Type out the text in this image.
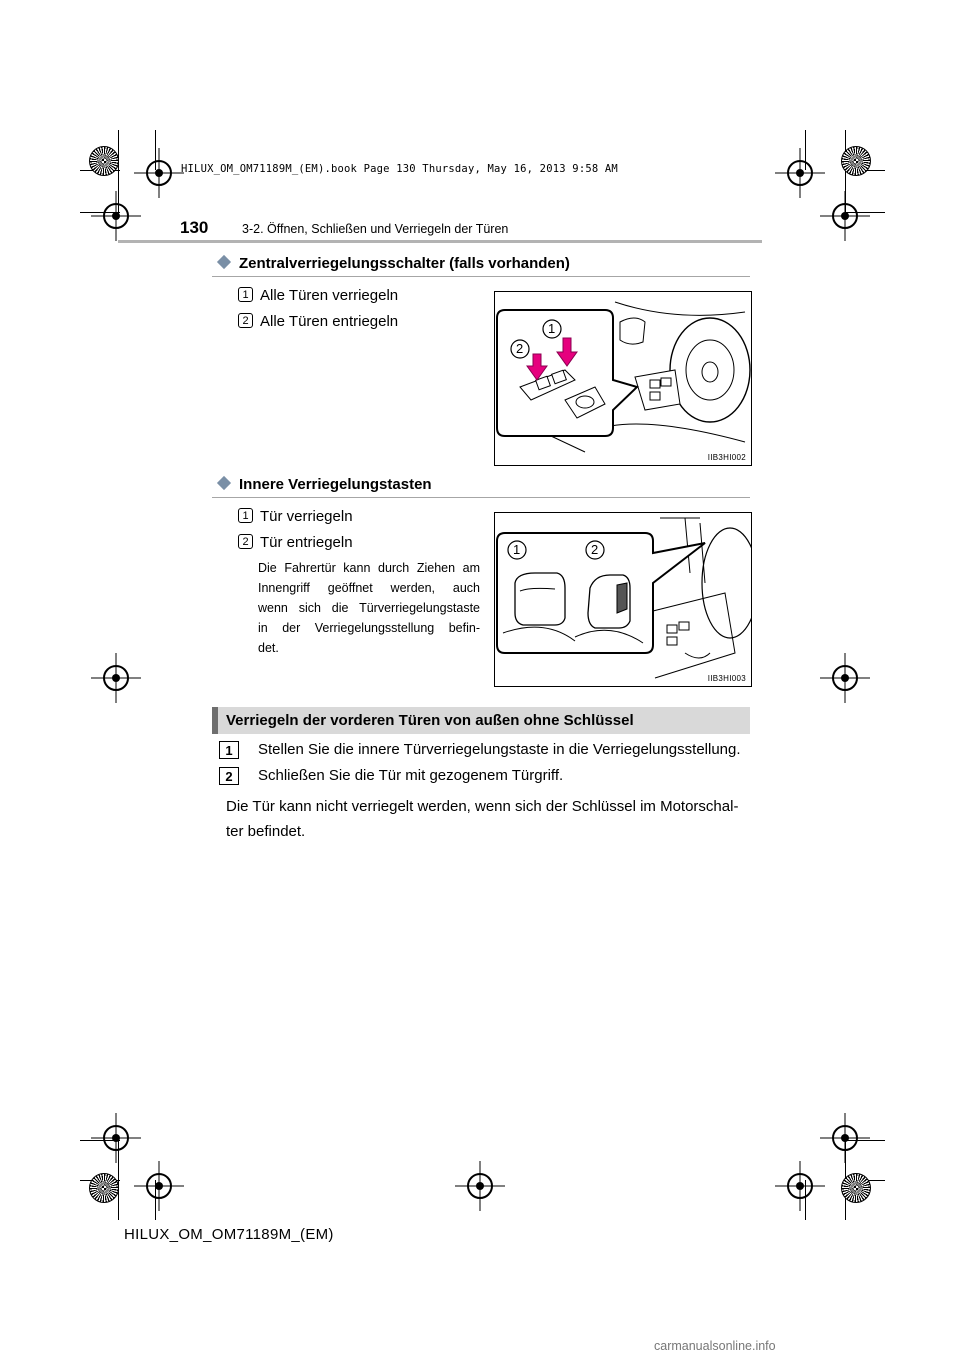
HILUX_OM_OM71189M_(EM).book Page 130 Thursday, May 16, 2013 9:58 AM
130	3-2. Öffnen, Schließen und Verriegeln der Türen
Zentralverriegelungsschalter (falls vorhanden)
1 Alle Türen verriegeln
2 Alle Türen entriegeln	1
2
IIB3HI002
Innere Verriegelungstasten
1 Tür verriegeln
2 Tür entriegeln
Die Fahrertür kann durch Ziehen am
Innengriff geöffnet werden, auch
wenn sich die Türverriegelungstaste
in der Verriegelungsstellung befin-
det.
1	2
IIB3HI003
Verriegeln der vorderen Türen von außen ohne Schlüssel
1	Stellen Sie die innere Türverriegelungstaste in die Verriegelungsstellung.
2	Schließen Sie die Tür mit gezogenem Türgriff.
Die Tür kann nicht verriegelt werden, wenn sich der Schlüssel im Motorschal-
ter befindet.
HILUX_OM_OM71189M_(EM)
carmanualsonline.info
